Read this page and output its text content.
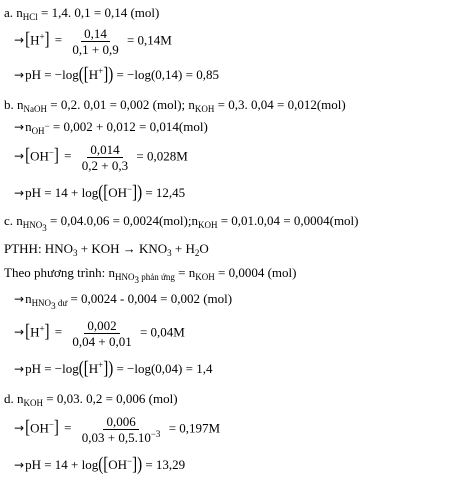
a. $n_{HCl} = 1,4$. 0,1 = 0,14 (mol)
$\to[H^+] = \frac{0,14}{0,1 + 0,9} = 0,14M$
→pH = −log([H+]) = −log(0,14) = 0,85
b. $n_{NaOH} = 0,2$. 0,01 = 0,002 (mol); $n_{KOH} = 0,3$. 0,04 = 0,012(mol)
$\to n_{OH^-} = 0,002 + 0,012 = 0,014(mol)$
$\to[OH^-] = \frac{0,014}{0,2 + 0,3} = 0,028M$
→pH = 14 + log([OH−]) = 12,45
c. $n_{HNO_3} = 0,04.0,06$ = $0,0024(mol);n_{KOH} = 0,01.0,04 = 0,0004(mol)$
PTHH: $HNO_3$ + KOH → $KNO_3 + H_2O$
Theo phương trình: $n_{HNO_3 phản ứng} = n_{KOH} = 0,0004$ (mol)
$\to n_{HNO_3 dư} = 0,0024 - 0,004 = 0,002$ (mol)
$\to[H^+] = \frac{0,002}{0,04 + 0,01} = 0,04M$
→pH = −log([H+]) = −log(0,04) = 1,4
d. $n_{KOH} = 0,03$. 0,2 = 0,006 (mol)
$\to[OH^-] = \frac{0,006}{0,03 + 0,5.10^{-3}} = 0,197M$
→pH = 14 + log([OH−]) = 13,29
